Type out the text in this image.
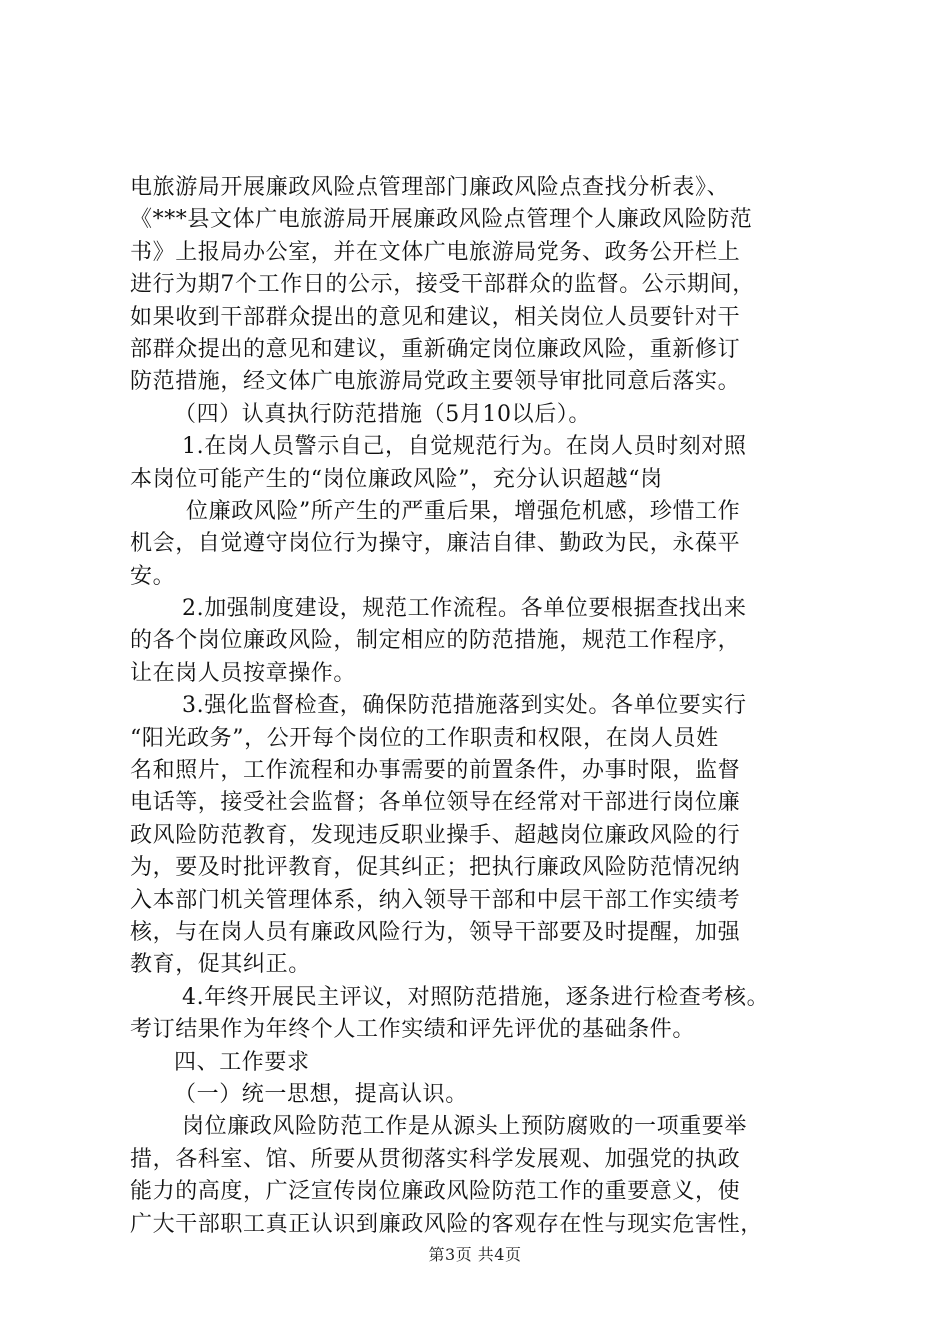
电旅游局开展廉政风险点管理部门廉政风险点查找分析表》、
《***县文体广电旅游局开展廉政风险点管理个人廉政风险防范
书》上报局办公室，并在文体广电旅游局党务、政务公开栏上
进行为期7个工作日的公示，接受干部群众的监督。公示期间，
如果收到干部群众提出的意见和建议，相关岗位人员要针对干
部群众提出的意见和建议，重新确定岗位廉政风险，重新修订
防范措施，经文体广电旅游局党政主要领导审批同意后落实。
（四）认真执行防范措施（5月10以后）。
1.在岗人员警示自己，自觉规范行为。在岗人员时刻对照
本岗位可能产生的“岗位廉政风险”，充分认识超越“岗
位廉政风险”所产生的严重后果，增强危机感，珍惜工作
机会，自觉遵守岗位行为操守，廉洁自律、勤政为民，永葆平
安。
2.加强制度建设，规范工作流程。各单位要根据查找出来
的各个岗位廉政风险，制定相应的防范措施，规范工作程序，
让在岗人员按章操作。
3.强化监督检查，确保防范措施落到实处。各单位要实行
“阳光政务”，公开每个岗位的工作职责和权限，在岗人员姓
名和照片，工作流程和办事需要的前置条件，办事时限，监督
电话等，接受社会监督；各单位领导在经常对干部进行岗位廉
政风险防范教育，发现违反职业操手、超越岗位廉政风险的行
为，要及时批评教育，促其纠正；把执行廉政风险防范情况纳
入本部门机关管理体系，纳入领导干部和中层干部工作实绩考
核，与在岗人员有廉政风险行为，领导干部要及时提醒，加强
教育，促其纠正。
4.年终开展民主评议，对照防范措施，逐条进行检查考核。
考订结果作为年终个人工作实绩和评先评优的基础条件。
四、工作要求
（一）统一思想，提高认识。
岗位廉政风险防范工作是从源头上预防腐败的一项重要举
措，各科室、馆、所要从贯彻落实科学发展观、加强党的执政
能力的高度，广泛宣传岗位廉政风险防范工作的重要意义，使
广大干部职工真正认识到廉政风险的客观存在性与现实危害性，
第3页 共4页
